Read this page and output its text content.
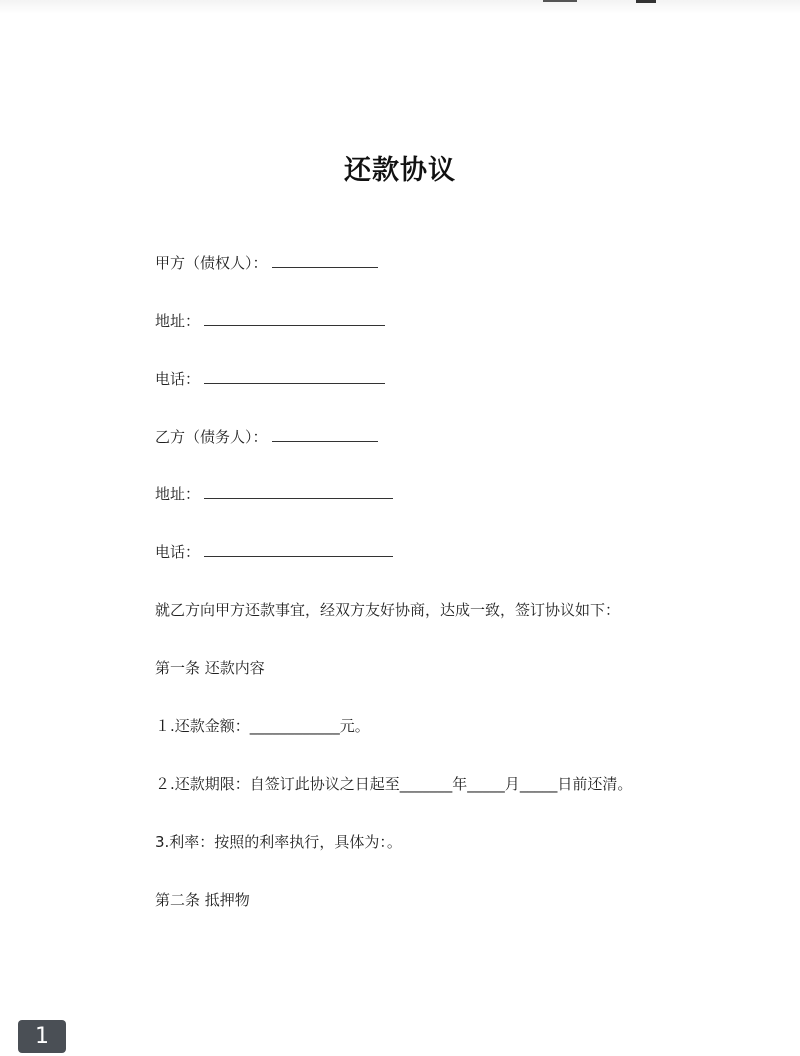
还款协议
甲方（债权人）：
地址：
电话：
乙方（债务人）：
地址：
电话：
就乙方向甲方还款事宜，经双方友好协商，达成一致，签订协议如下：
第一条 还款内容
１.还款金额：____________元。
２.还款期限：自签订此协议之日起至_______年_____月_____日前还清。
3.利率：按照的利率执行，具体为：。
第二条 抵押物
1
